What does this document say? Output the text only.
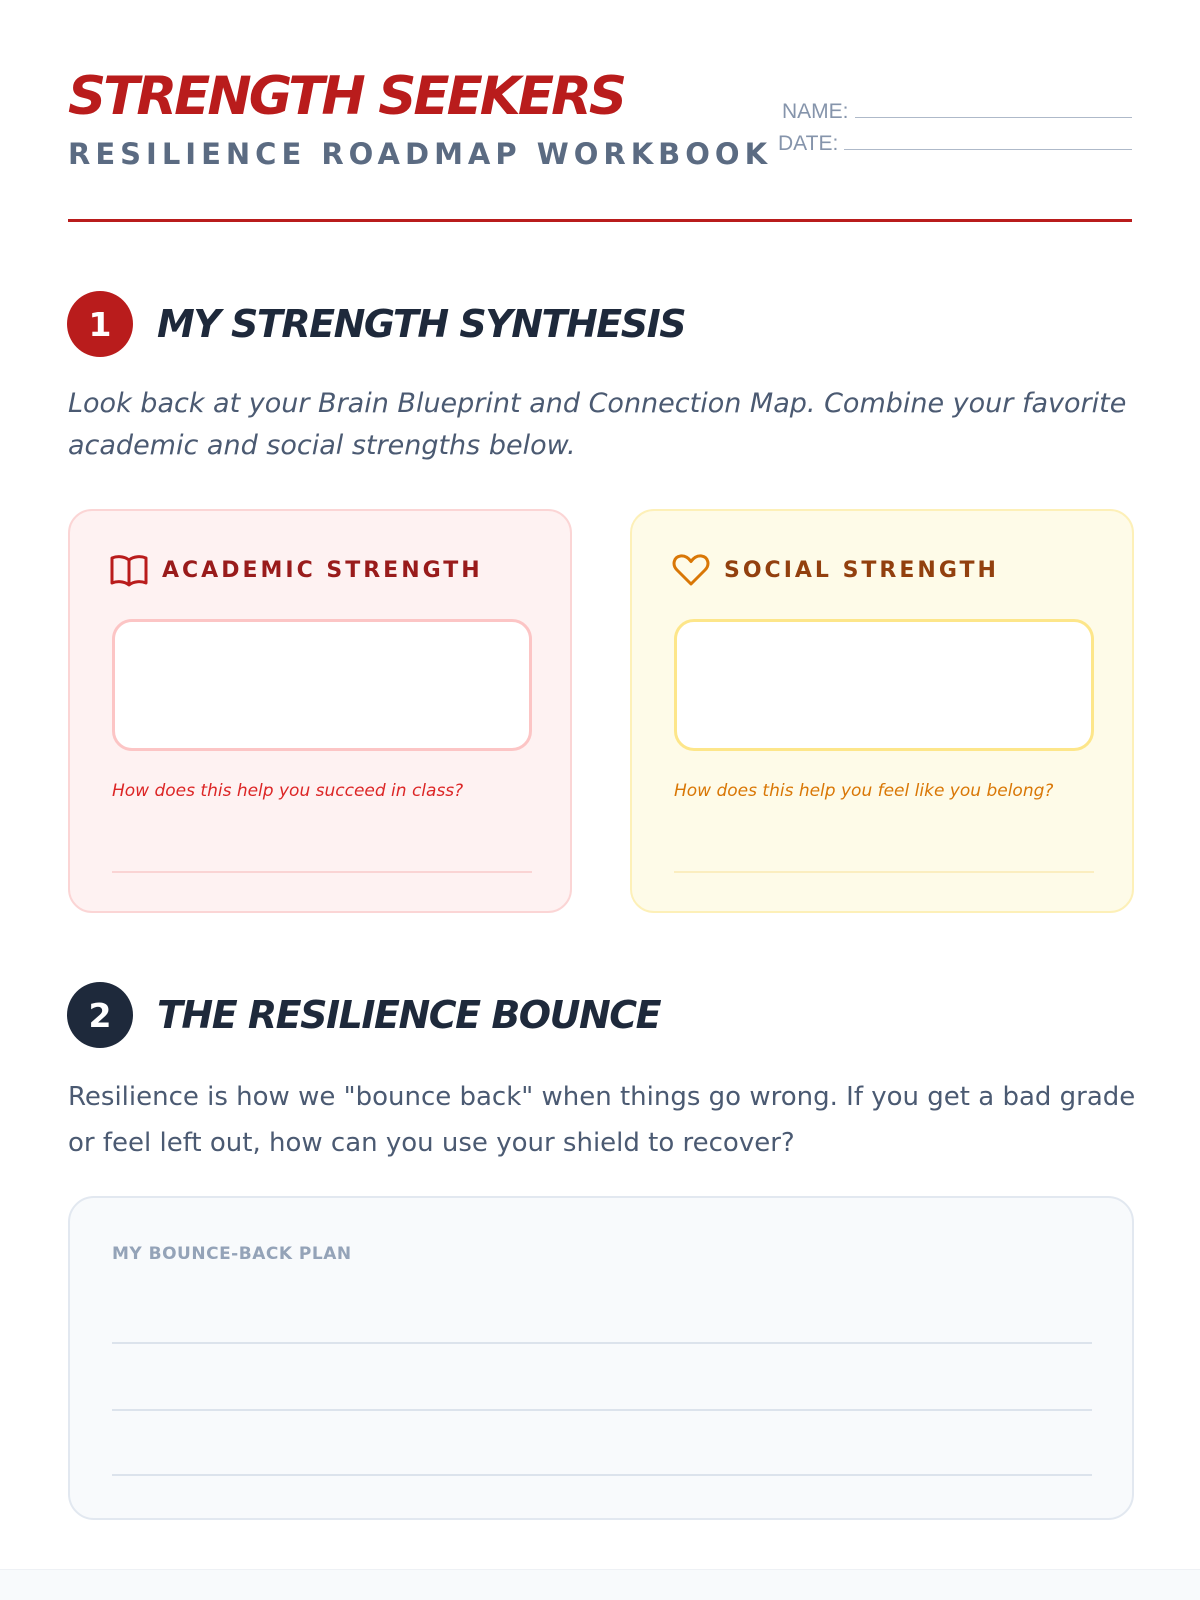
STRENGTH SEEKERS
RESILIENCE ROADMAP WORKBOOK
NAME:
DATE:
1	MY STRENGTH SYNTHESIS

Look back at your Brain Blueprint and Connection Map. Combine your favorite academic and social strengths below.

ACADEMIC STRENGTH
How does this help you succeed in class?
SOCIAL STRENGTH
How does this help you feel like you belong?
2	THE RESILIENCE BOUNCE

Resilience is how we "bounce back" when things go wrong. If you get a bad grade or feel left out, how can you use your shield to recover?

MY BOUNCE-BACK PLAN
